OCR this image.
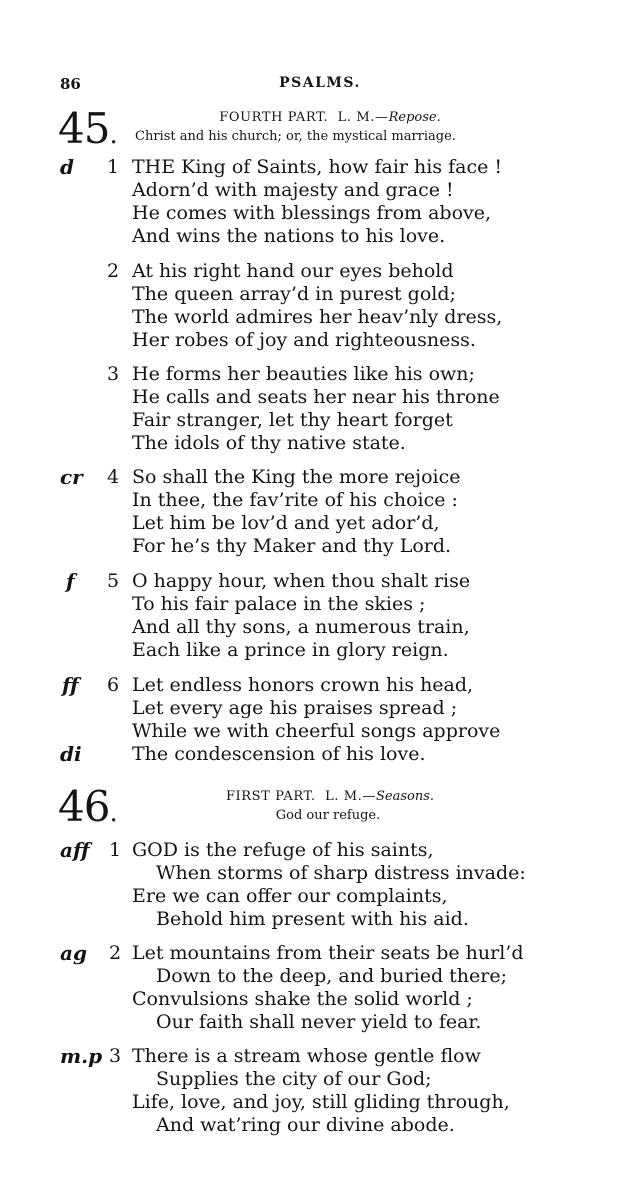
86	PSALMS.
45.
FOURTH PART. L. M.—Repose.
Christ and his church; or, the mystical marriage.
d 1 THE King of Saints, how fair his face !
Adorn’d with majesty and grace !
He comes with blessings from above,
And wins the nations to his love.
2 At his right hand our eyes behold
The queen array’d in purest gold;
The world admires her heav’nly dress,
Her robes of joy and righteousness.
3 He forms her beauties like his own;
He calls and seats her near his throne
Fair stranger, let thy heart forget
The idols of thy native state.
cr 4 So shall the King the more rejoice
In thee, the fav’rite of his choice :
Let him be lov’d and yet ador’d,
For he’s thy Maker and thy Lord.
f 5 O happy hour, when thou shalt rise
To his fair palace in the skies ;
And all thy sons, a numerous train,
Each like a prince in glory reign.
ff 6 Let endless honors crown his head,
Let every age his praises spread ;
While we with cheerful songs approve
di	The condescension of his love.
46.
FIRST PART. L. M.—Seasons.
God our refuge.
aff 1 GOD is the refuge of his saints,
When storms of sharp distress invade:
Ere we can offer our complaints,
Behold him present with his aid.
ag 2 Let mountains from their seats be hurl’d
Down to the deep, and buried there;
Convulsions shake the solid world ;
Our faith shall never yield to fear.
m.p 3 There is a stream whose gentle flow
Supplies the city of our God;
Life, love, and joy, still gliding through,
And wat’ring our divine abode.
